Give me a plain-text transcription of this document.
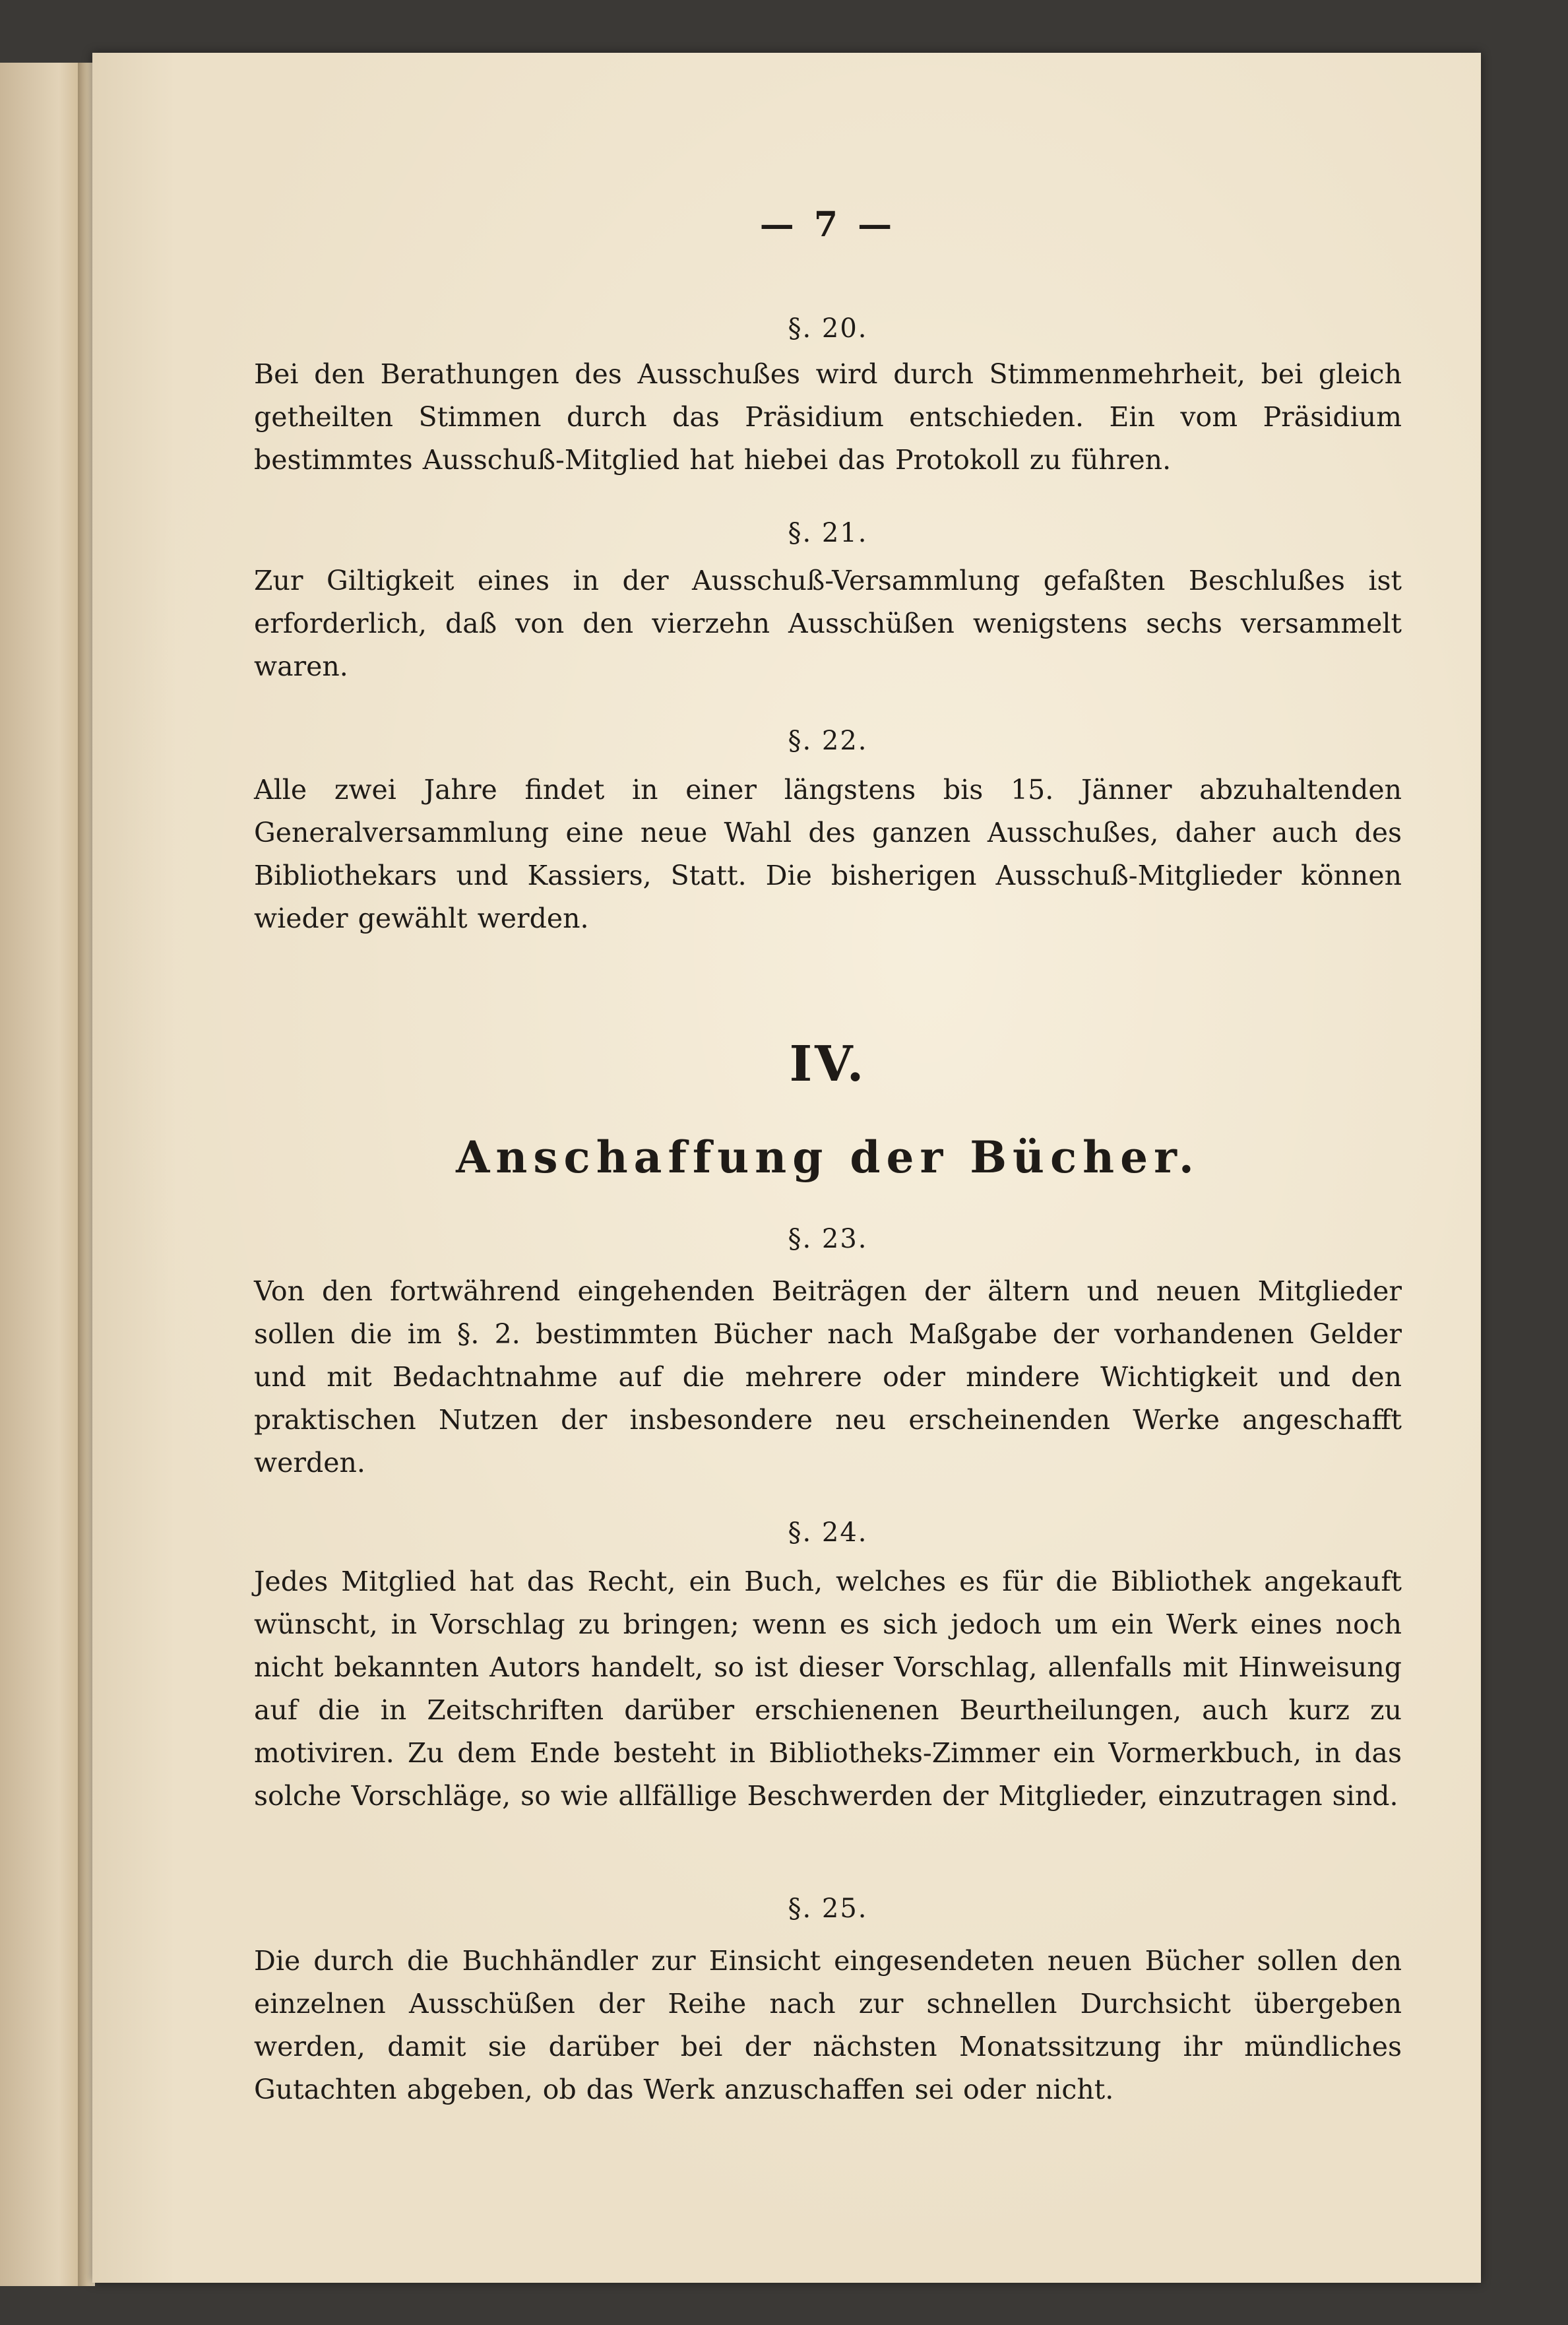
— 7 —
§. 20.

Bei den Berathungen des Ausschußes wird durch Stimmenmehrheit, bei gleich getheilten Stimmen durch das Präsidium entschieden. Ein vom Präsidium bestimmtes Ausschuß-Mitglied hat hiebei das Protokoll zu führen.

§. 21.

Zur Giltigkeit eines in der Ausschuß-Versammlung gefaßten Beschlußes ist erforderlich, daß von den vierzehn Ausschüßen wenigstens sechs versammelt waren.

§. 22.

Alle zwei Jahre findet in einer längstens bis 15. Jänner abzuhaltenden Generalversammlung eine neue Wahl des ganzen Ausschußes, daher auch des Bibliothekars und Kassiers, Statt. Die bisherigen Ausschuß-Mitglieder können wieder gewählt werden.

IV.
Anschaffung der Bücher.
§. 23.

Von den fortwährend eingehenden Beiträgen der ältern und neuen Mitglieder sollen die im §. 2. bestimmten Bücher nach Maßgabe der vorhandenen Gelder und mit Bedachtnahme auf die mehrere oder mindere Wichtigkeit und den praktischen Nutzen der insbesondere neu erscheinenden Werke angeschafft werden.

§. 24.

Jedes Mitglied hat das Recht, ein Buch, welches es für die Bibliothek angekauft wünscht, in Vorschlag zu bringen; wenn es sich jedoch um ein Werk eines noch nicht bekannten Autors handelt, so ist dieser Vorschlag, allenfalls mit Hinweisung auf die in Zeitschriften darüber erschienenen Beurtheilungen, auch kurz zu motiviren. Zu dem Ende besteht in Bibliotheks-Zimmer ein Vormerkbuch, in das solche Vorschläge, so wie allfällige Beschwerden der Mitglieder, einzutragen sind.

§. 25.

Die durch die Buchhändler zur Einsicht eingesendeten neuen Bücher sollen den einzelnen Ausschüßen der Reihe nach zur schnellen Durchsicht übergeben werden, damit sie darüber bei der nächsten Monatssitzung ihr mündliches Gutachten abgeben, ob das Werk anzuschaffen sei oder nicht.
